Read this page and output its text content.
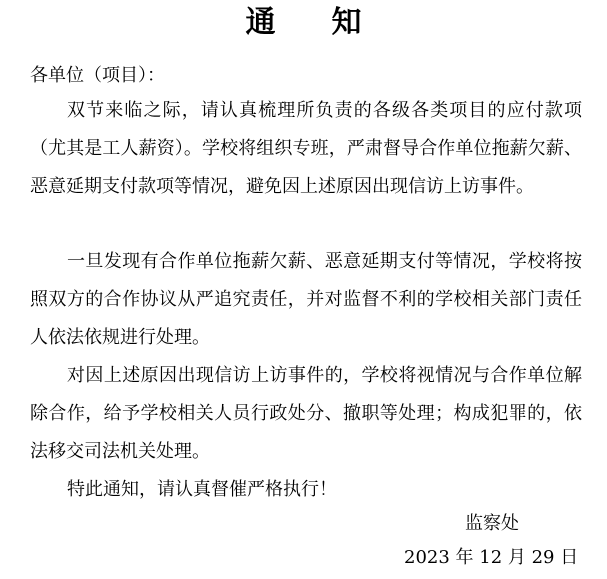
通 知

各单位（项目）：

双节来临之际，请认真梳理所负责的各级各类项目的应付款项（尤其是工人薪资）。学校将组织专班，严肃督导合作单位拖薪欠薪、恶意延期支付款项等情况，避免因上述原因出现信访上访事件。

一旦发现有合作单位拖薪欠薪、恶意延期支付等情况，学校将按照双方的合作协议从严追究责任，并对监督不利的学校相关部门责任人依法依规进行处理。

对因上述原因出现信访上访事件的，学校将视情况与合作单位解除合作，给予学校相关人员行政处分、撤职等处理；构成犯罪的，依法移交司法机关处理。

特此通知，请认真督催严格执行！

监察处

2023 年 12 月 29 日
